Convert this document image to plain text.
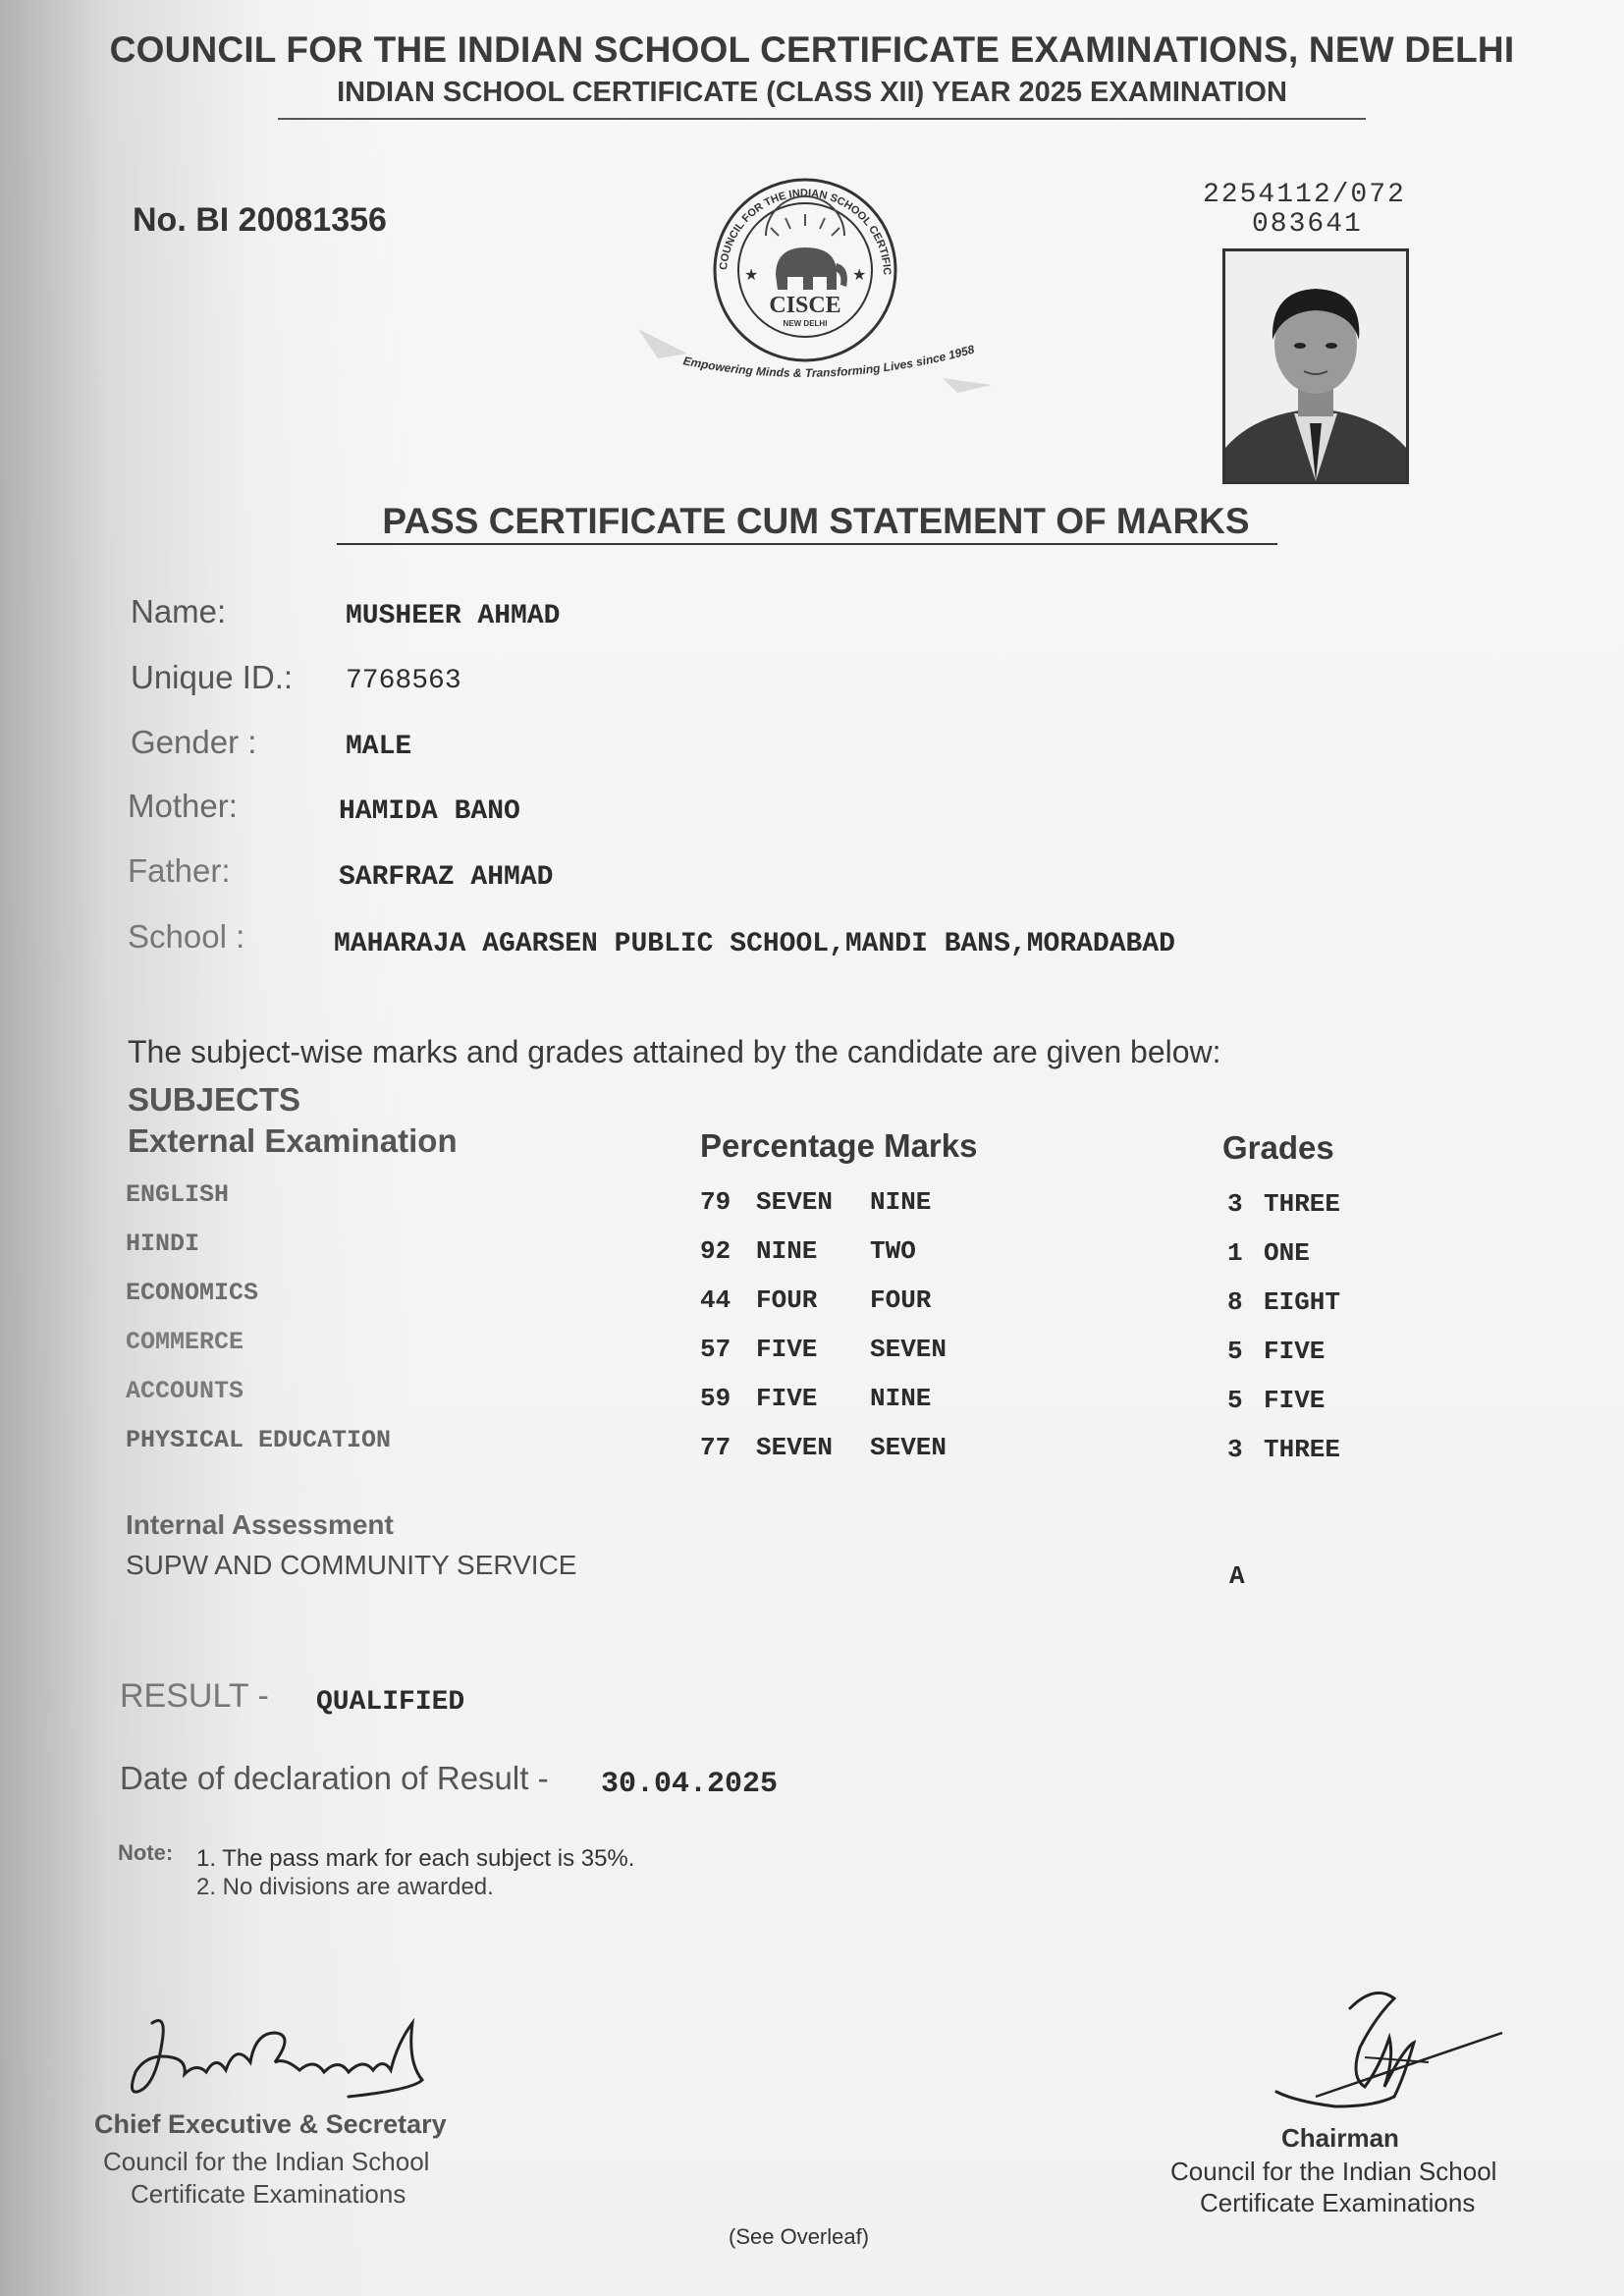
COUNCIL FOR THE INDIAN SCHOOL CERTIFICATE EXAMINATIONS, NEW DELHI
INDIAN SCHOOL CERTIFICATE (CLASS XII) YEAR 2025 EXAMINATION
No. BI 20081356
2254112/072
083641
COUNCIL FOR THE INDIAN SCHOOL CERTIFIC
★	★
CISCE
NEW DELHI
Empowering Minds & Transforming Lives since 1958
PASS CERTIFICATE CUM STATEMENT OF MARKS
Name:	MUSHEER AHMAD
Unique ID.: 7768563
Gender :	MALE
Mother:	HAMIDA BANO
Father:	SARFRAZ AHMAD
School :	MAHARAJA AGARSEN PUBLIC SCHOOL,MANDI BANS,MORADABAD
The subject-wise marks and grades attained by the candidate are given below:
SUBJECTS
External Examination	Percentage Marks	Grades
ENGLISH	79 SEVEN NINE	3 THREE
HINDI	92 NINE TWO	1 ONE
ECONOMICS	44 FOUR FOUR	8 EIGHT
COMMERCE	57 FIVE SEVEN	5 FIVE
ACCOUNTS	59 FIVE NINE	5 FIVE
PHYSICAL EDUCATION	77 SEVEN SEVEN	3 THREE
Internal Assessment
SUPW AND COMMUNITY SERVICE	A
RESULT - QUALIFIED
Date of declaration of Result - 30.04.2025
Note: 1. The pass mark for each subject is 35%.
2. No divisions are awarded.
Chief Executive & Secretary
Council for the Indian School
Certificate Examinations
Chairman
Council for the Indian School
Certificate Examinations
(See Overleaf)
